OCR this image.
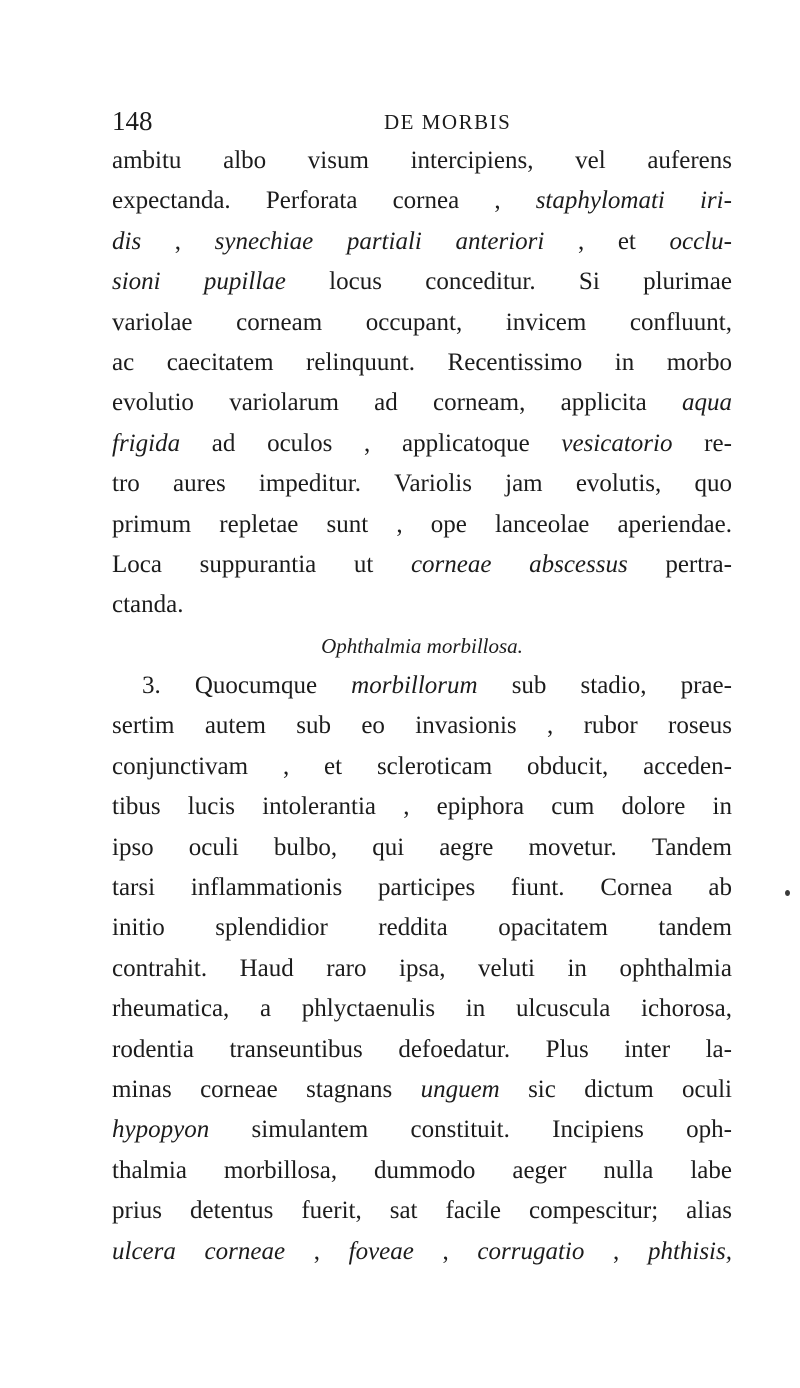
148	DE MORBIS
ambitu albo visum intercipiens, vel auferens
expectanda. Perforata cornea , staphylomati iri-
dis , synechiae partiali anteriori , et occlu-
sioni pupillae locus conceditur. Si plurimae
variolae corneam occupant, invicem confluunt,
ac caecitatem relinquunt. Recentissimo in morbo
evolutio variolarum ad corneam, applicita aqua
frigida ad oculos , applicatoque vesicatorio re-
tro aures impeditur. Variolis jam evolutis, quo
primum repletae sunt , ope lanceolae aperiendae.
Loca suppurantia ut corneae abscessus pertra-
ctanda.
Ophthalmia morbillosa.
3. Quocumque morbillorum sub stadio, prae-
sertim autem sub eo invasionis , rubor roseus
conjunctivam , et scleroticam obducit, acceden-
tibus lucis intolerantia , epiphora cum dolore in
ipso oculi bulbo, qui aegre movetur. Tandem
tarsi inflammationis participes fiunt. Cornea ab
initio splendidior reddita opacitatem tandem
contrahit. Haud raro ipsa, veluti in ophthalmia
rheumatica, a phlyctaenulis in ulcuscula ichorosa,
rodentia transeuntibus defoedatur. Plus inter la-
minas corneae stagnans unguem sic dictum oculi
hypopyon simulantem constituit. Incipiens oph-
thalmia morbillosa, dummodo aeger nulla labe
prius detentus fuerit, sat facile compescitur; alias
ulcera corneae , foveae , corrugatio , phthisis,
